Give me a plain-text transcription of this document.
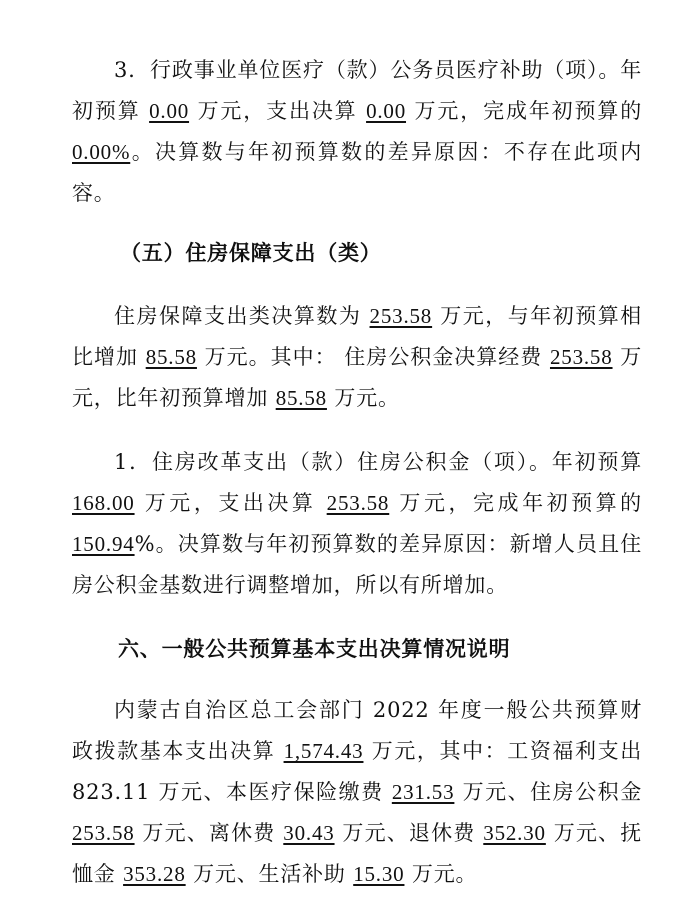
3．行政事业单位医疗（款）公务员医疗补助（项）。年初预算 0.00 万元，支出决算 0.00 万元，完成年初预算的 0.00%。决算数与年初预算数的差异原因：不存在此项内容。

（五）住房保障支出（类）

住房保障支出类决算数为 253.58 万元，与年初预算相比增加 85.58 万元。其中： 住房公积金决算经费 253.58 万元，比年初预算增加 85.58 万元。

1．住房改革支出（款）住房公积金（项）。年初预算 168.00 万元，支出决算 253.58 万元，完成年初预算的 150.94%。决算数与年初预算数的差异原因：新增人员且住房公积金基数进行调整增加，所以有所增加。

六、一般公共预算基本支出决算情况说明

内蒙古自治区总工会部门 2022 年度一般公共预算财政拨款基本支出决算 1,574.43 万元，其中：工资福利支出 823.11 万元、本医疗保险缴费 231.53 万元、住房公积金 253.58 万元、离休费 30.43 万元、退休费 352.30 万元、抚恤金 353.28 万元、生活补助 15.30 万元。
